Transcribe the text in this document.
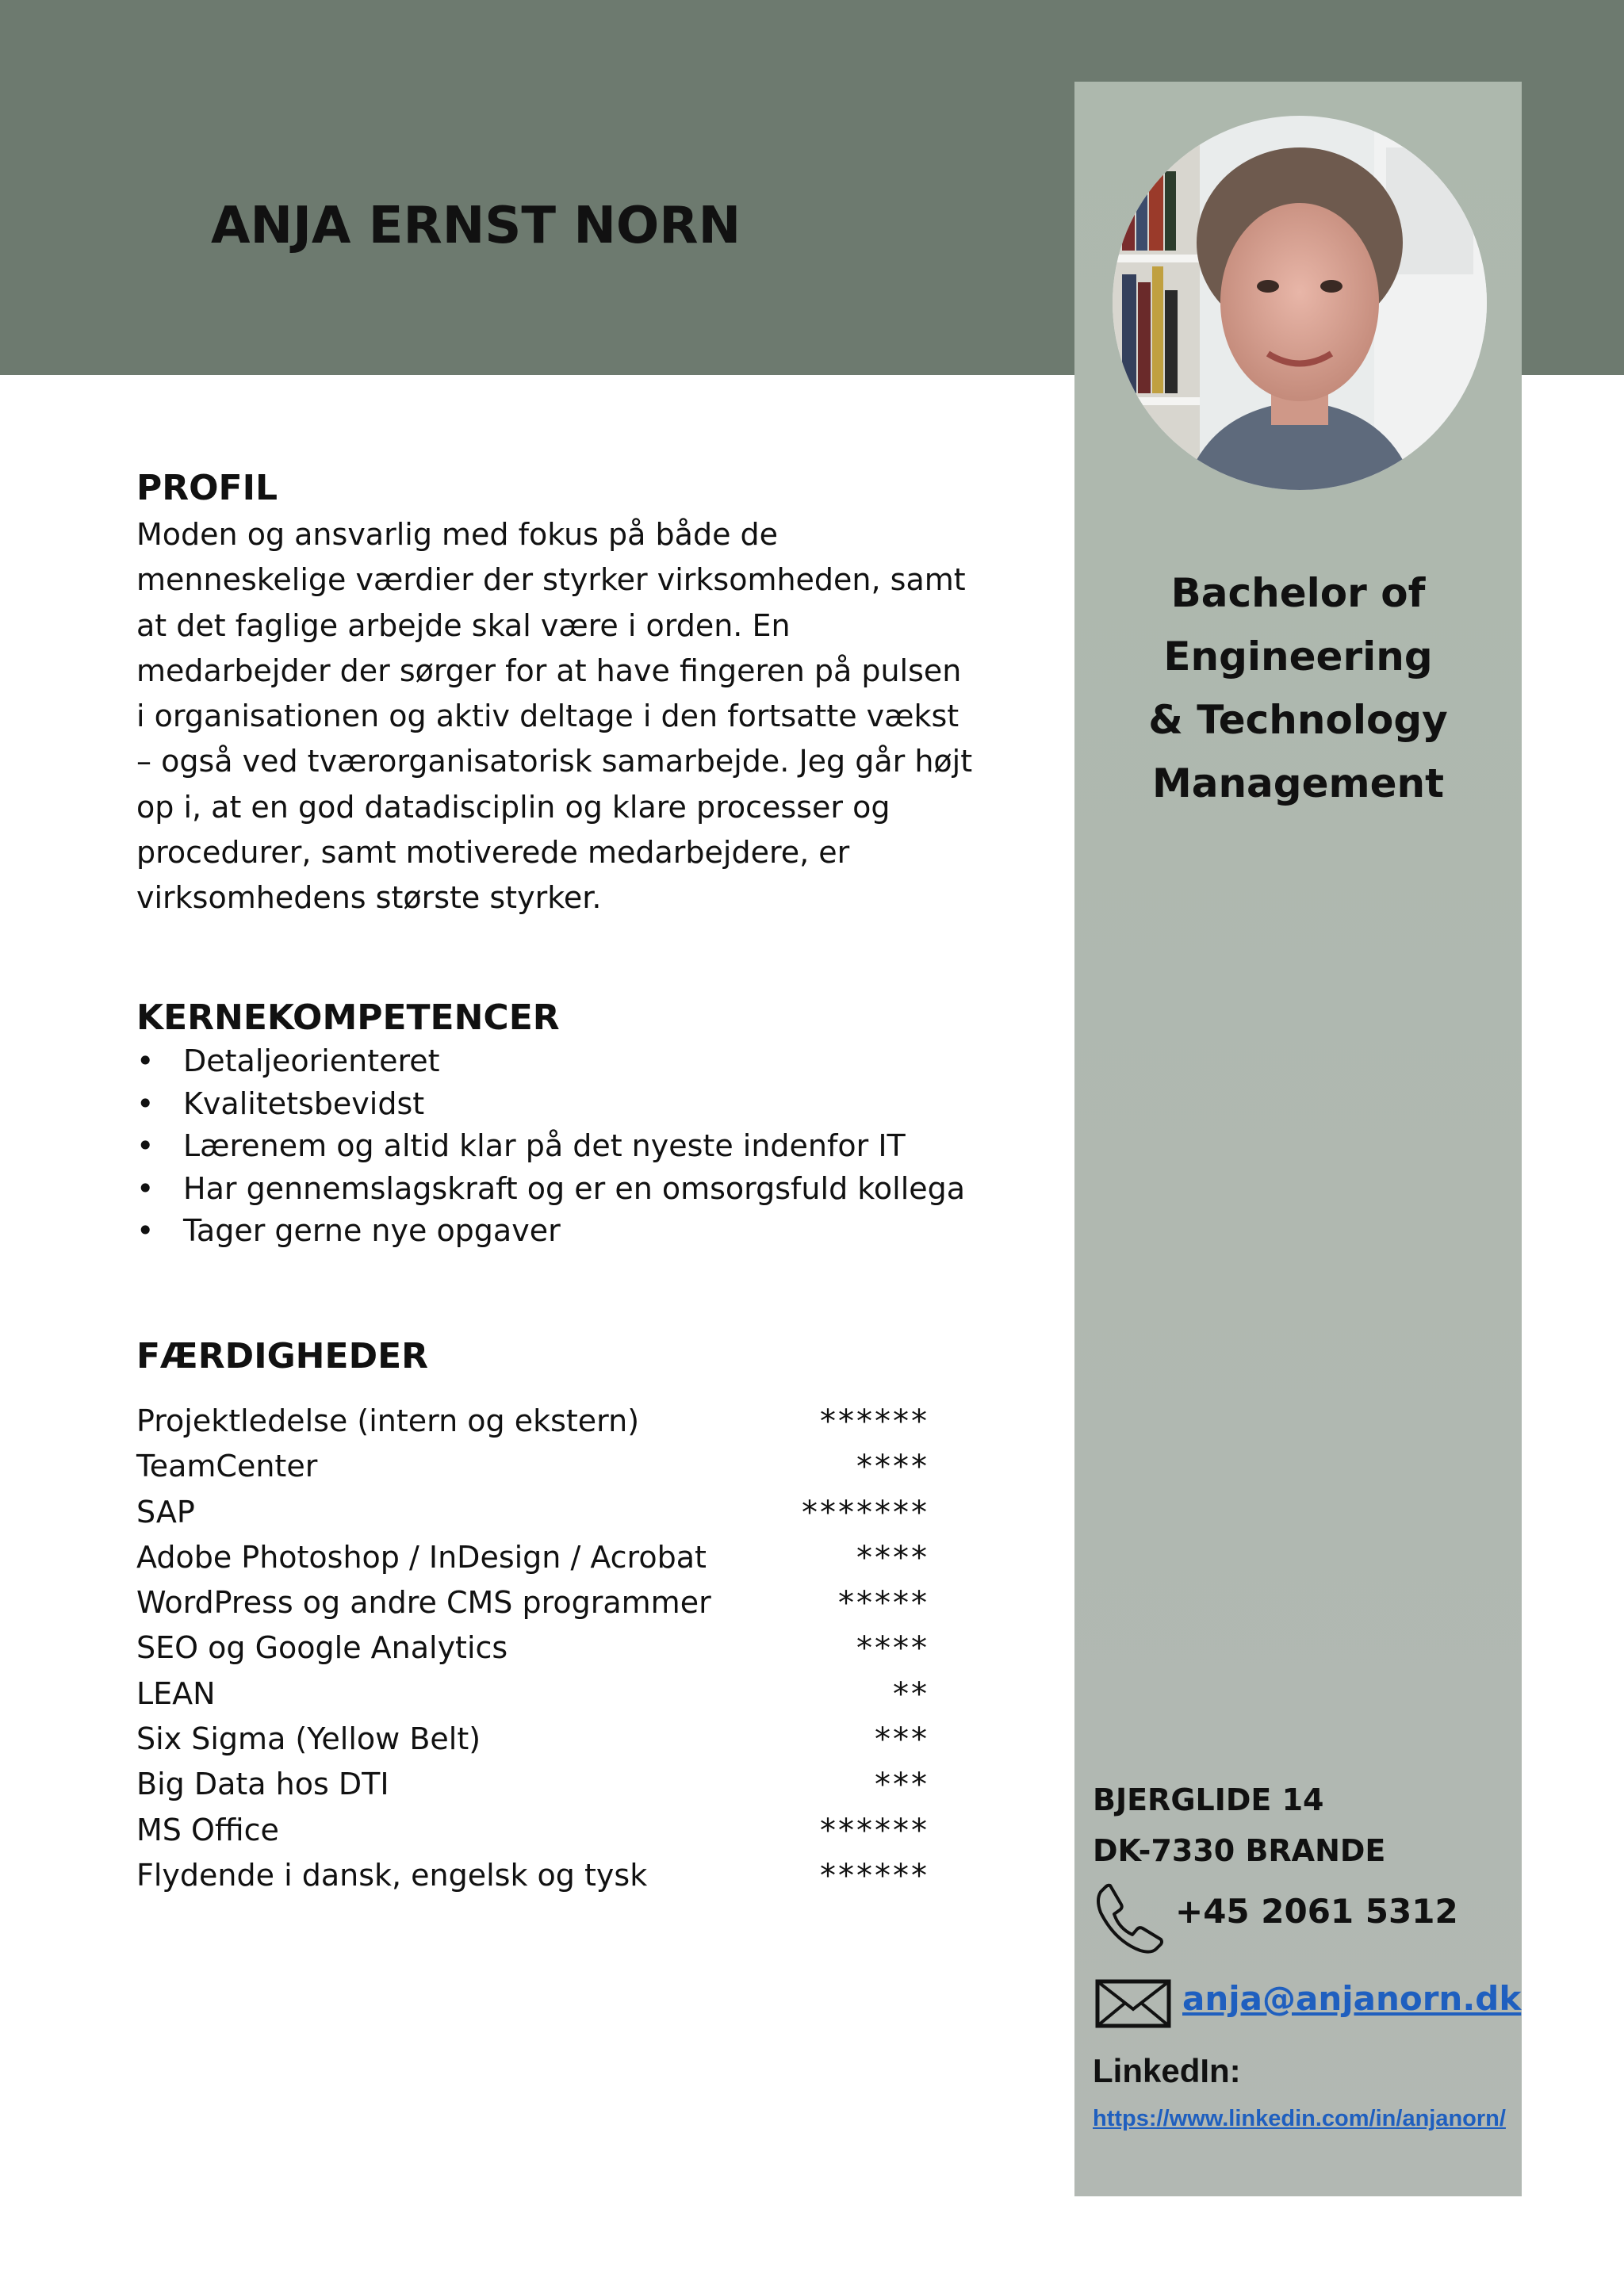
ANJA ERNST NORN
Bachelor of
Engineering
& Technology
Management
PROFIL

Moden og ansvarlig med fokus på både de menneskelige værdier der styrker virksomheden, samt at det faglige arbejde skal være i orden. En medarbejder der sørger for at have fingeren på pulsen i organisationen og aktiv deltage i den fortsatte vækst – også ved tværorganisatorisk samarbejde. Jeg går højt op i, at en god datadisciplin og klare processer og procedurer, samt motiverede medarbejdere, er virksomhedens største styrker.

KERNEKOMPETENCER
• Detaljeorienteret
• Kvalitetsbevidst
• Lærenem og altid klar på det nyeste indenfor IT
• Har gennemslagskraft og er en omsorgsfuld kollega
• Tager gerne nye opgaver
FÆRDIGHEDER
Projektledelse (intern og ekstern)	******
TeamCenter	****
SAP	*******
Adobe Photoshop / InDesign / Acrobat	****
WordPress og andre CMS programmer	*****
SEO og Google Analytics	****
LEAN	**
Six Sigma (Yellow Belt)	***
Big Data hos DTI	***
MS Office	******
Flydende i dansk, engelsk og tysk	******

BJERGLIDE 14
DK-7330 BRANDE

+45 2061 5312
anja@anjanorn.dk

LinkedIn:

https://www.linkedin.com/in/anjanorn/
